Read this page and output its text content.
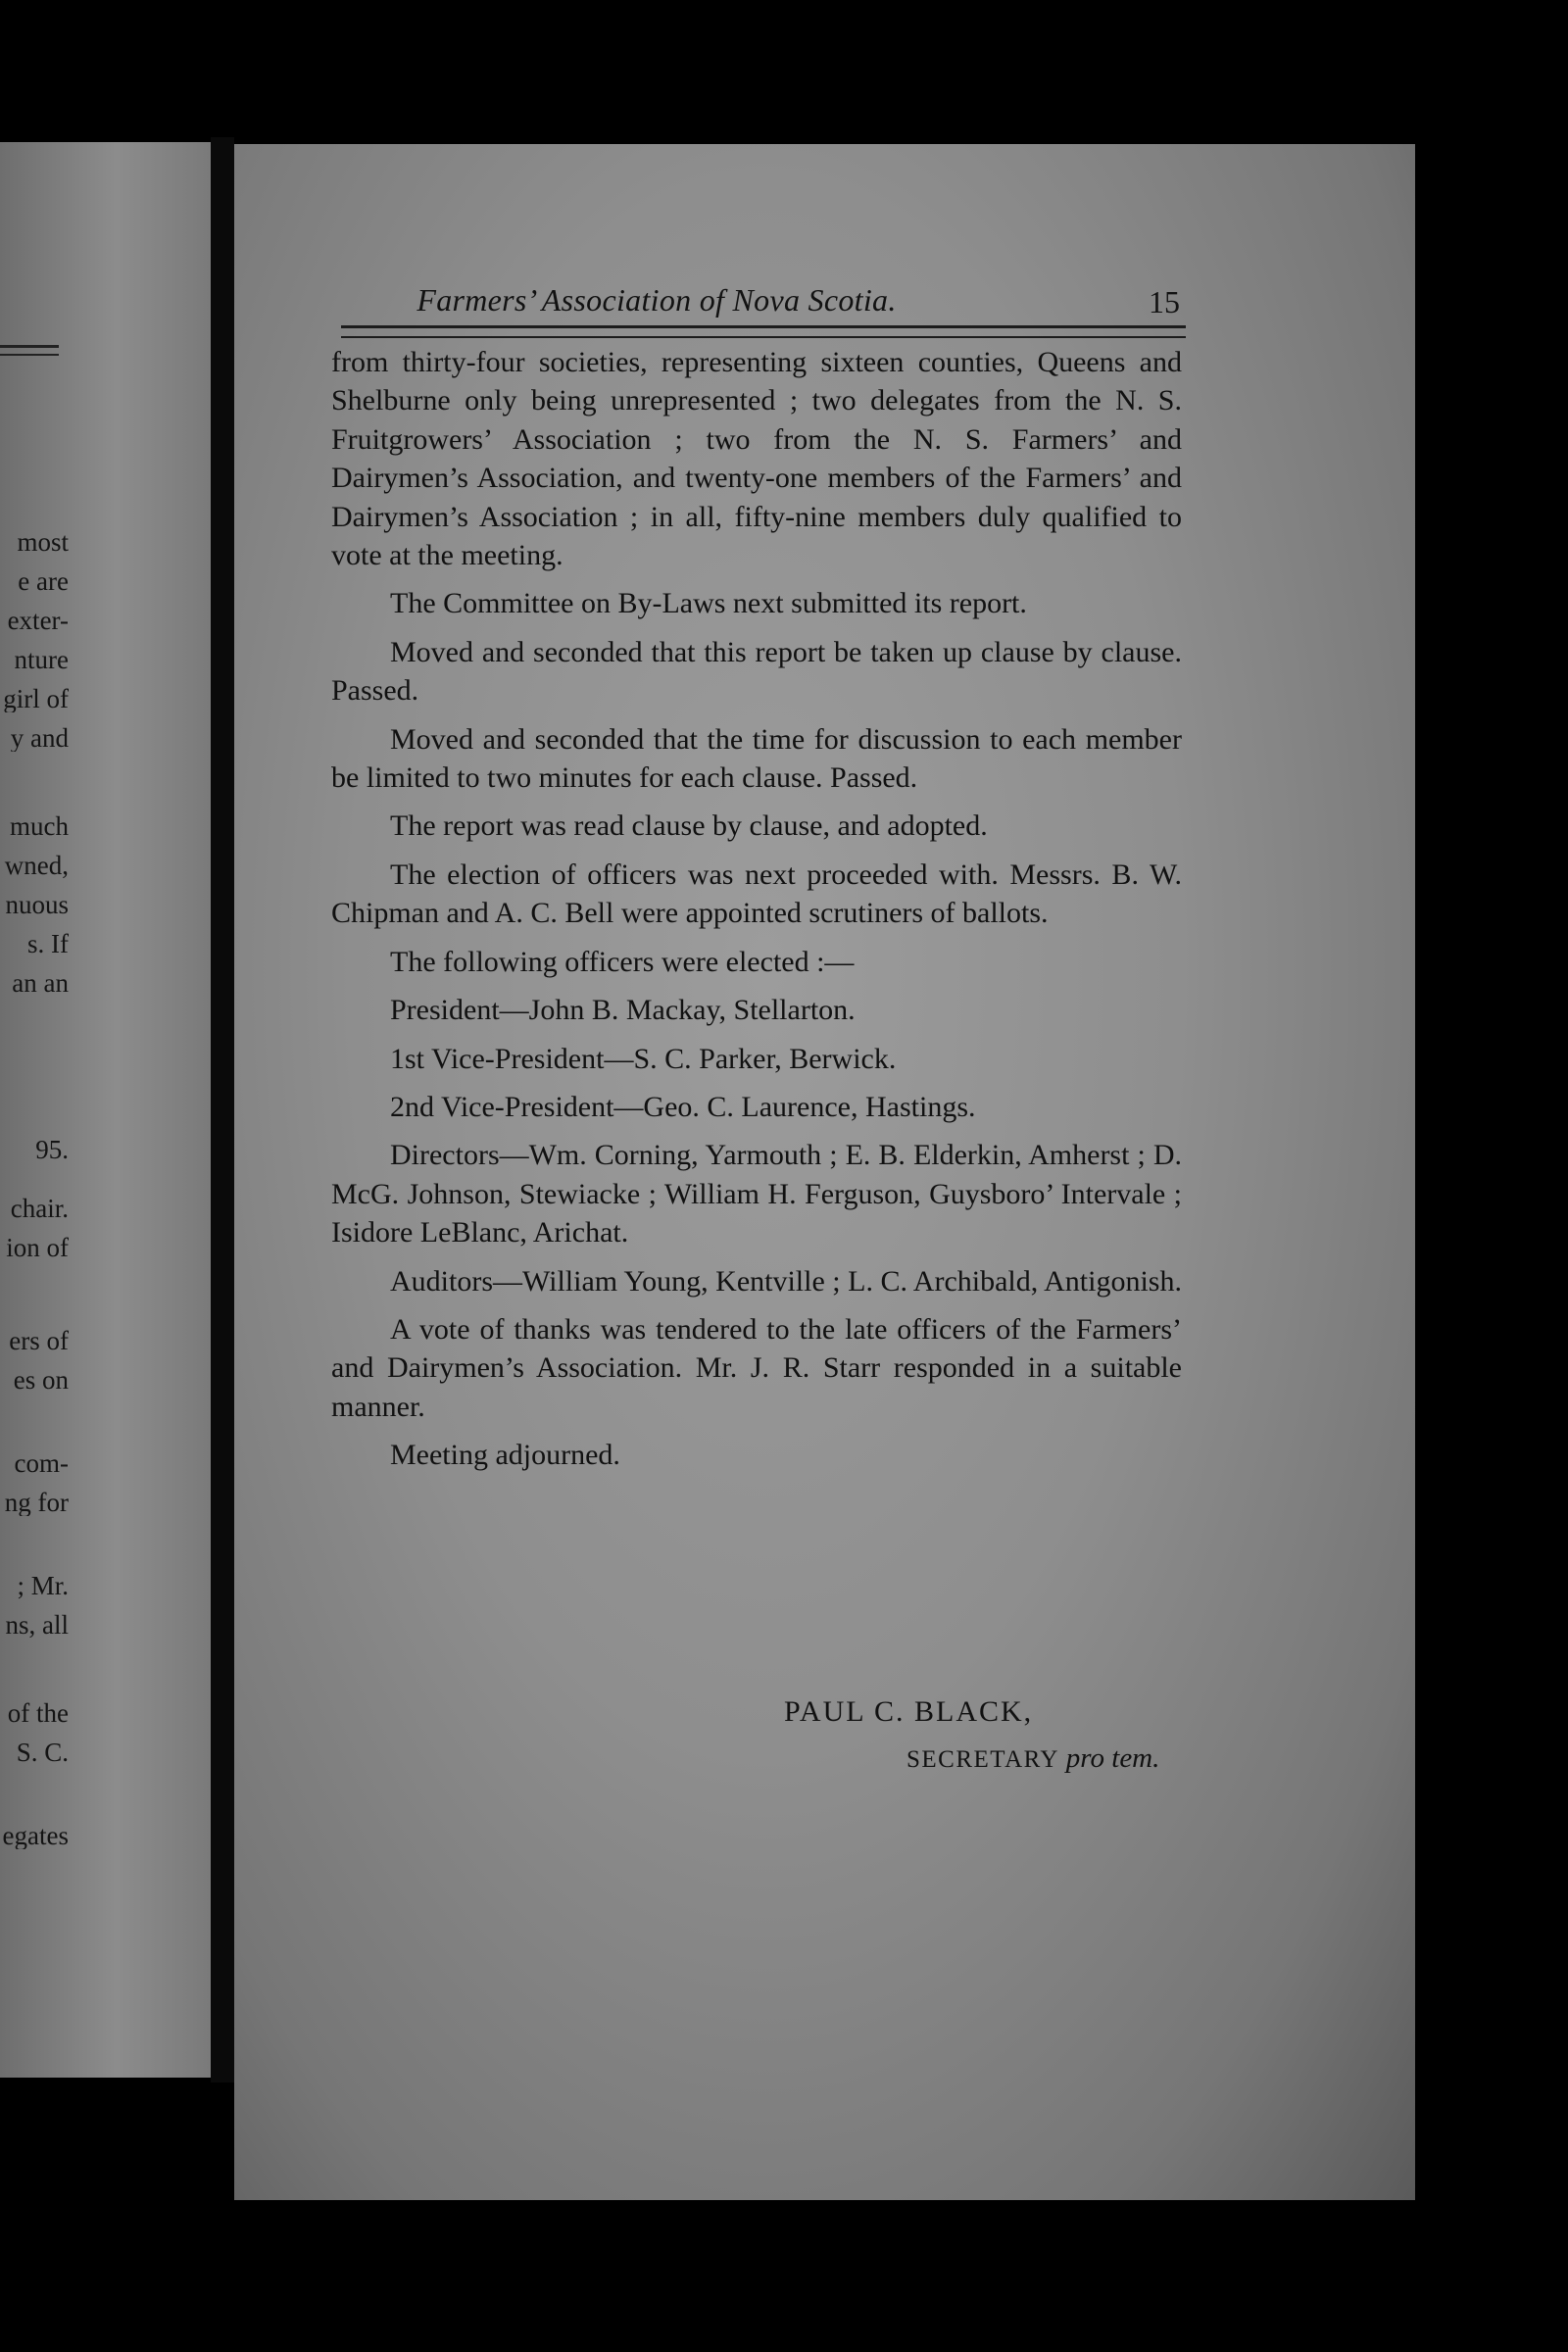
most
e are
exter-
nture
girl of
y and
much
wned,
nuous
s. If
an an
95.
chair.
ion of
ers of
es on
com-
ng for
; Mr.
ns, all
of the
S. C.
egates
Farmers’ Association of Nova Scotia.	15

from thirty-four societies, representing sixteen counties, Queens and Shelburne only being unrepresented ; two delegates from the N. S. Fruitgrowers’ Association ; two from the N. S. Farmers’ and Dairymen’s Association, and twenty-one members of the Farmers’ and Dairymen’s Association ; in all, fifty-nine members duly qualified to vote at the meeting.

The Committee on By-Laws next submitted its report.

Moved and seconded that this report be taken up clause by clause. Passed.

Moved and seconded that the time for discussion to each member be limited to two minutes for each clause. Passed.

The report was read clause by clause, and adopted.

The election of officers was next proceeded with. Messrs. B. W. Chipman and A. C. Bell were appointed scrutiners of ballots.

The following officers were elected :—

President—John B. Mackay, Stellarton.

1st Vice-President—S. C. Parker, Berwick.

2nd Vice-President—Geo. C. Laurence, Hastings.

Directors—Wm. Corning, Yarmouth ; E. B. Elderkin, Amherst ; D. McG. Johnson, Stewiacke ; William H. Ferguson, Guysboro’ Intervale ; Isidore LeBlanc, Arichat.

Auditors—William Young, Kentville ; L. C. Archibald, Antigonish.

A vote of thanks was tendered to the late officers of the Farmers’ and Dairymen’s Association. Mr. J. R. Starr responded in a suitable manner.

Meeting adjourned.

PAUL C. BLACK,
SECRETARY pro tem.
